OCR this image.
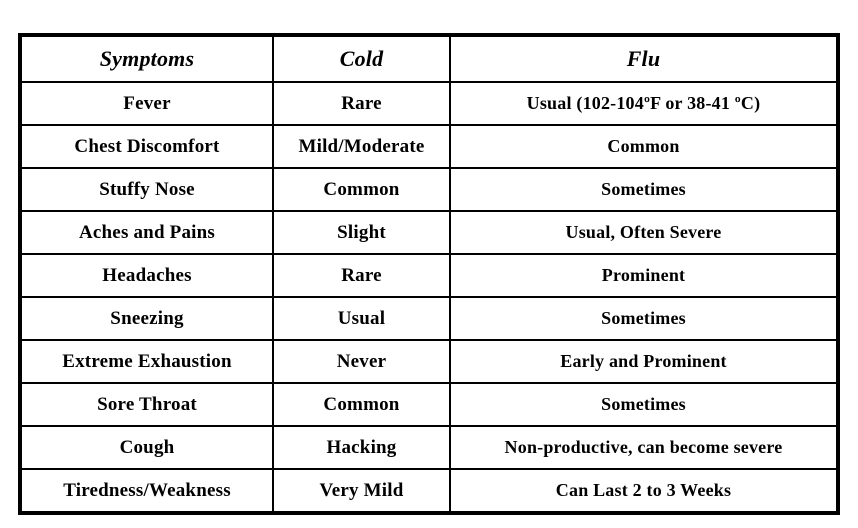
Symptoms	Cold	Flu
Fever	Rare	Usual (102-104ºF or 38-41 ºC)
Chest Discomfort	Mild/Moderate	Common
Stuffy Nose	Common	Sometimes
Aches and Pains	Slight	Usual, Often Severe
Headaches	Rare	Prominent
Sneezing	Usual	Sometimes
Extreme Exhaustion	Never	Early and Prominent
Sore Throat	Common	Sometimes
Cough	Hacking	Non-productive, can become severe
Tiredness/Weakness	Very Mild	Can Last 2 to 3 Weeks
